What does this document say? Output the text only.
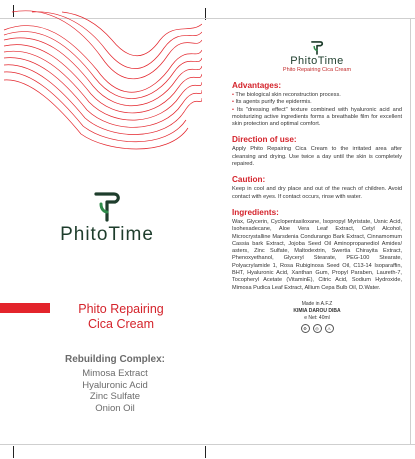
PhitoTime
Phito Repairing
Cica Cream
Rebuilding Complex:
Mimosa Extract
Hyaluronic Acid
Zinc Sulfate
Onion Oil
PhitoTime
Phito Repairing Cica Cream
Advantages:
• The biological skin reconstruction process.
• Its agents purify the epidermis.
• Its "dressing effect" texture combined with hyaluronic acid and moisturizing active ingredients forms a breathable film for excellent skin protection and optimal comfort.
Direction of use:
Apply Phito Repairing Cica Cream to the irritated area after cleansing and drying. Use twice a day until the skin is completely repaired.
Caution:
Keep in cool and dry place and out of the reach of children. Avoid contact with eyes. If contact occurs, rinse with water.
Ingredients:
Wax, Glycerin, Cyclopentasiloxane, Isopropyl Myristate, Usnic Acid, Isohexadecane, Aloe Vera Leaf Extract, Cetyl Alcohol, Microcrystalline Marsdenia Condurango Bark Extract, Cinnamomum Cassia bark Extract, Jojoba Seed Oil Aminopropanediol Amides/ asters, Zinc Sulfate, Maltodextrin, Swertia Chirayita Extract, Phenoxyethanol, Glyceryl Stearate, PEG-100 Stearate, Polyacrylamide 1, Rosa Rubiginosa Seed Oil, C13-14 Isoparaffin, BHT, Hyaluronic Acid, Xanthan Gum, Propyl Paraben, Laureth-7, Tocopheryl Acetate (VitaminE), Citric Acid, Sodium Hydroxide, Mimosa Pudica Leaf Extract, Allium Cepa Bulb Oil, D.Water.
Made in A.F.Z
KIMIA DAROU DIBA
e Net: 40ml
♻	◎	⚠
